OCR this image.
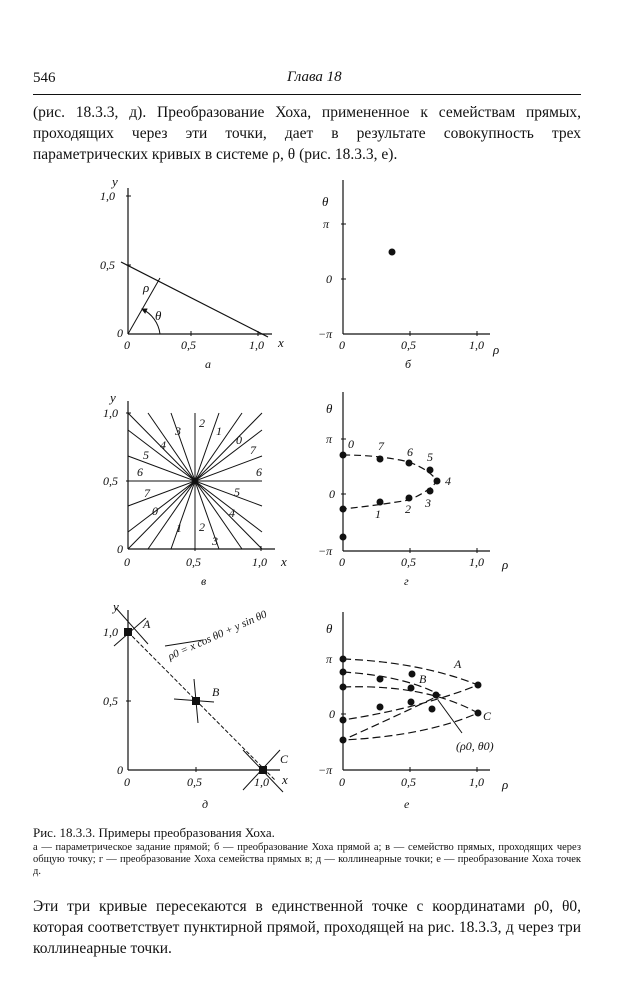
546	Глава 18
(рис. 18.3.3, д). Преобразование Хоха, примененное к семействам прямых, проходящих через эти точки, дает в результате совокупность трех параметрических кривых в системе ρ, θ (рис. 18.3.3, е).
y
x
1,0
0,5
0
0	0,5	1,0
ρ
θ
а
θ
ρ
π
0
−π
0	0,5	1,0
б
y
x
1,0
0,5
0
0	0,5	1,0
0
0
1
1
2
2
3
3
4
4
5
5
6	6
7
7
в
θ
ρ
π
0
−π
0	0,5	1,0
0 7 6 5
4
3
2
1
г
y
x
1,0
0,5
0
0	0,5	1,0
A
B
C
ρ0 = x cos θ0 + y sin θ0
д
θ
ρ
π
0
−π
0	0,5	1,0
A
B
C
(ρ0, θ0)
е
Рис. 18.3.3. Примеры преобразования Хоха.
а — параметрическое задание прямой; б — преобразование Хоха прямой а; в — семейство прямых, проходящих через общую точку; г — преобразование Хоха семейства прямых в; д — коллинеарные точки; е — преобразование Хоха точек д.
Эти три кривые пересекаются в единственной точке с координатами ρ0, θ0, которая соответствует пунктирной прямой, проходящей на рис. 18.3.3, д через три коллинеарные точки.
